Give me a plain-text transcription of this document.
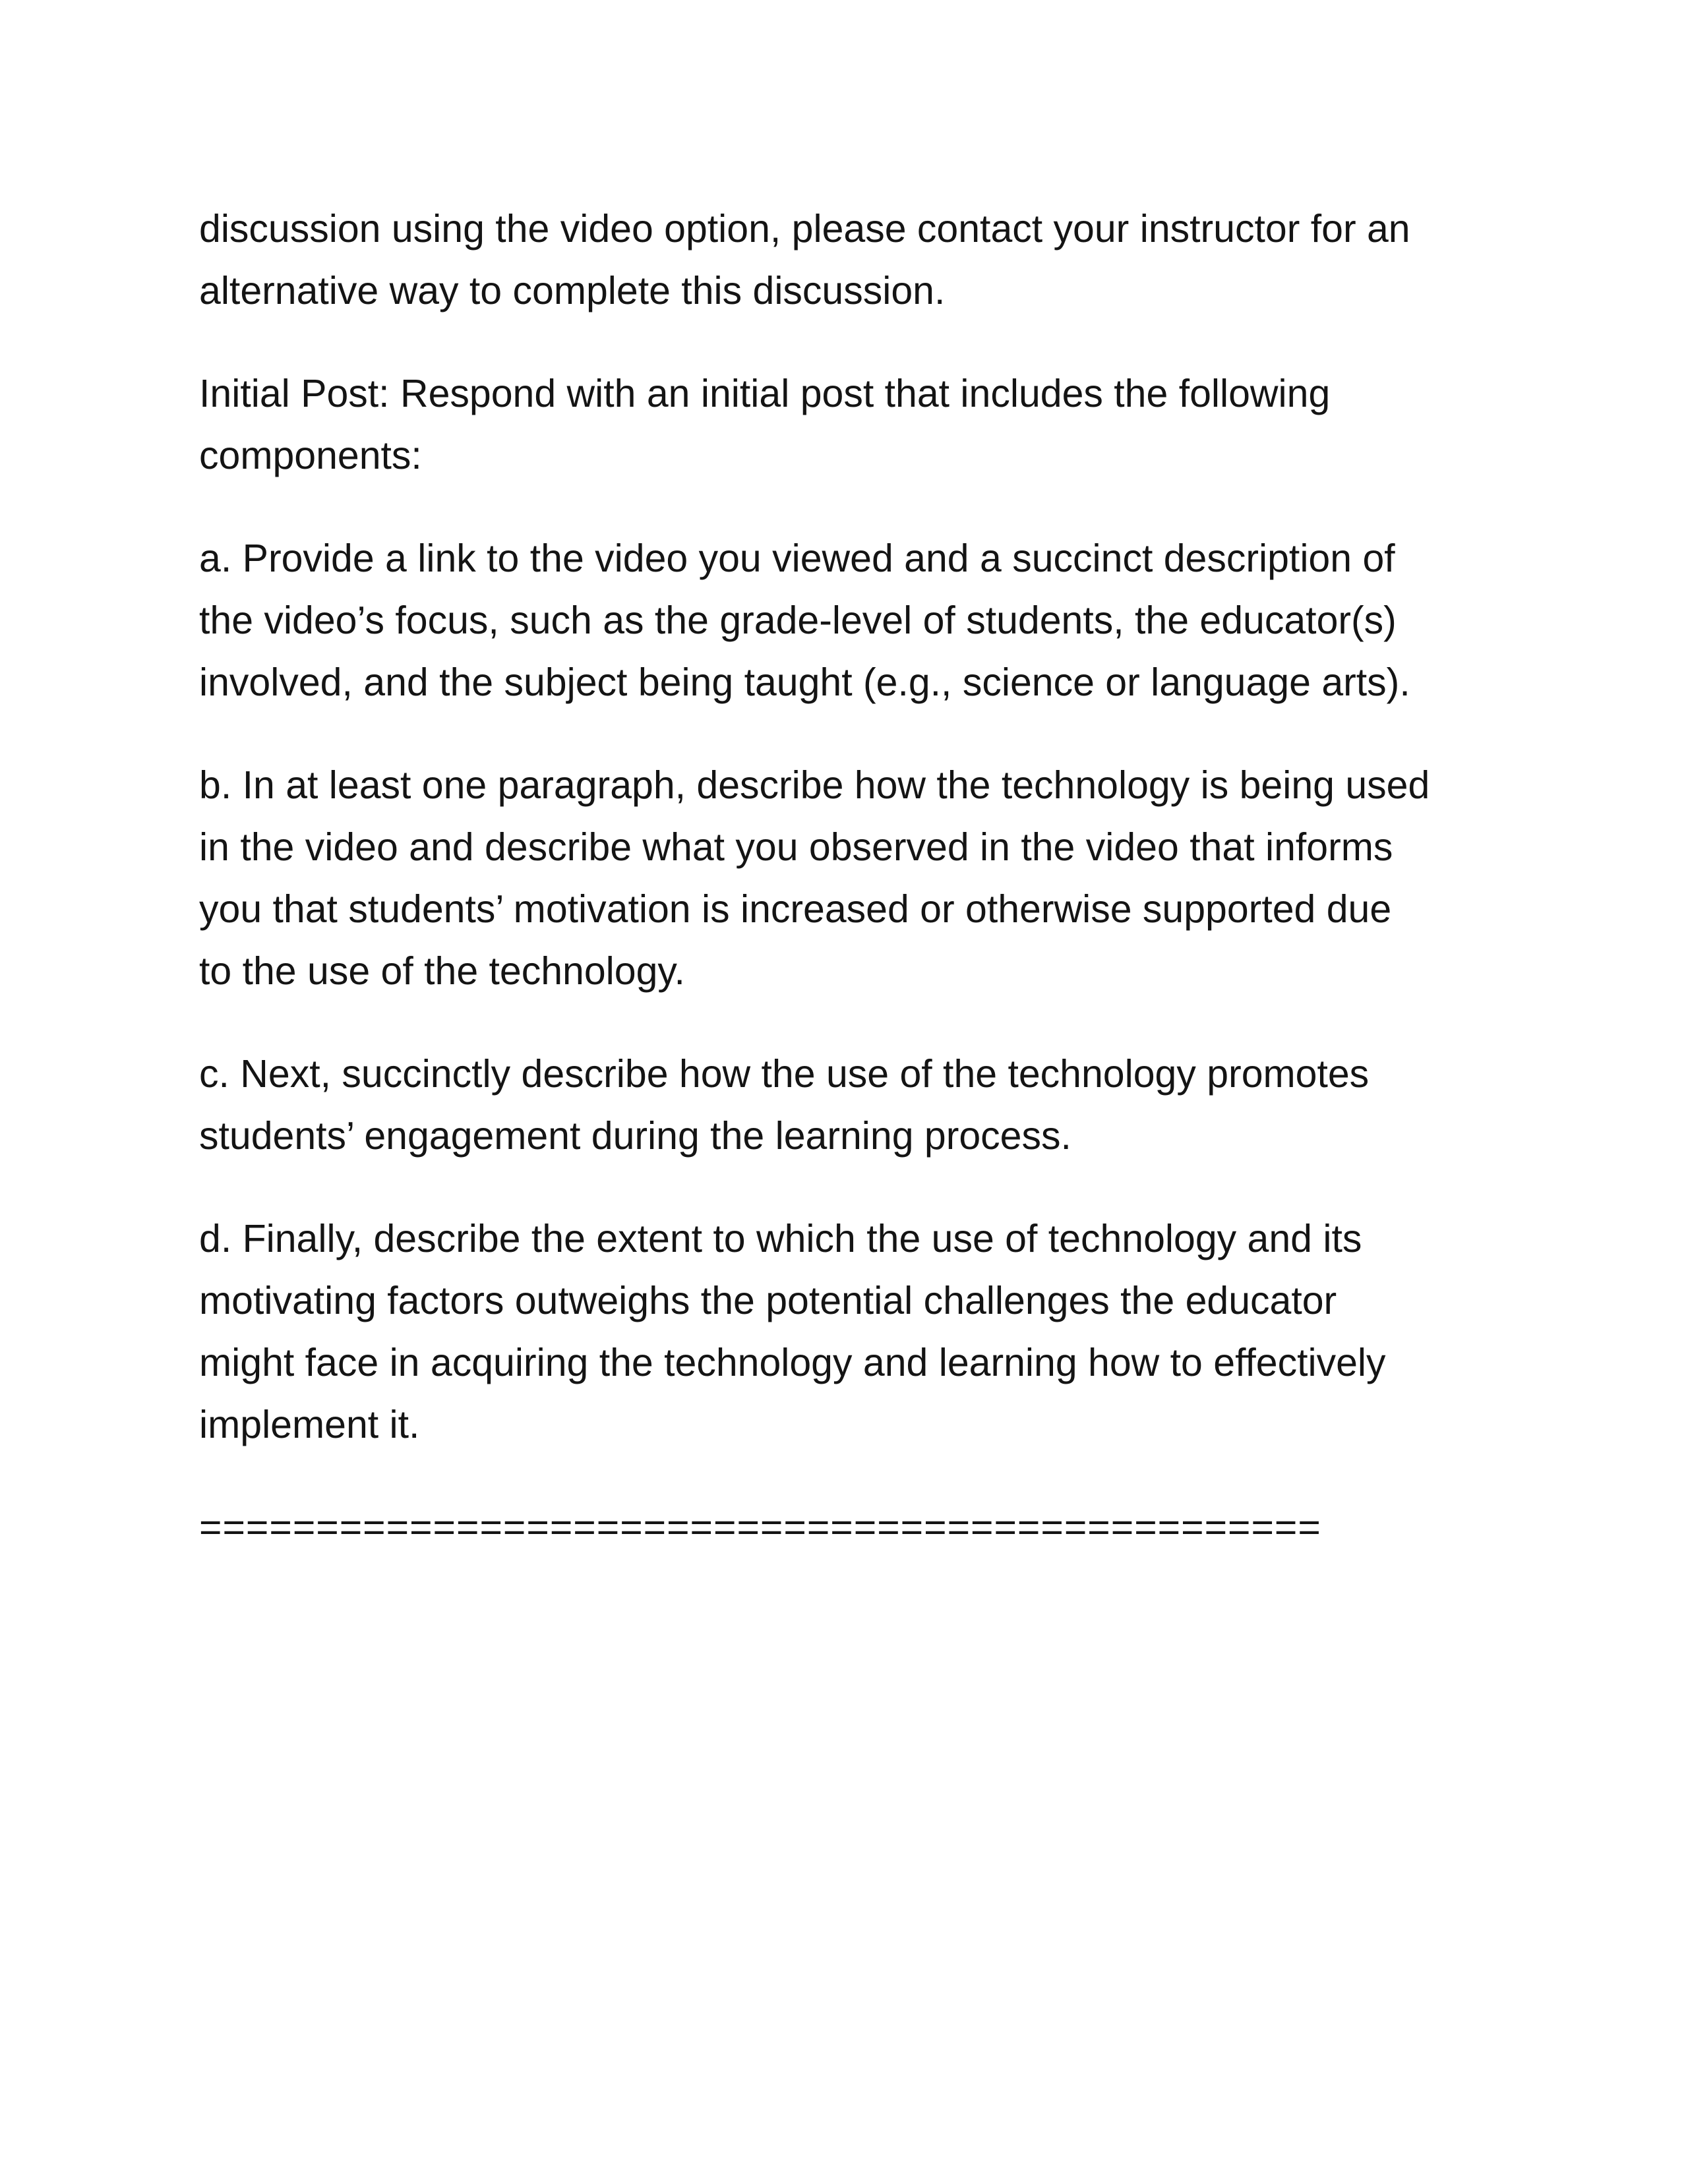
discussion using the video option, please contact your instructor for an
alternative way to complete this discussion.

Initial Post: Respond with an initial post that includes the following
components:

a. Provide a link to the video you viewed and a succinct description of
the video’s focus, such as the grade-level of students, the educator(s)
involved, and the subject being taught (e.g., science or language arts).

b. In at least one paragraph, describe how the technology is being used
in the video and describe what you observed in the video that informs
you that students’ motivation is increased or otherwise supported due
to the use of the technology.

c. Next, succinctly describe how the use of the technology promotes
students’ engagement during the learning process.

d. Finally, describe the extent to which the use of technology and its
motivating factors outweighs the potential challenges the educator
might face in acquiring the technology and learning how to effectively
implement it.

================================================
